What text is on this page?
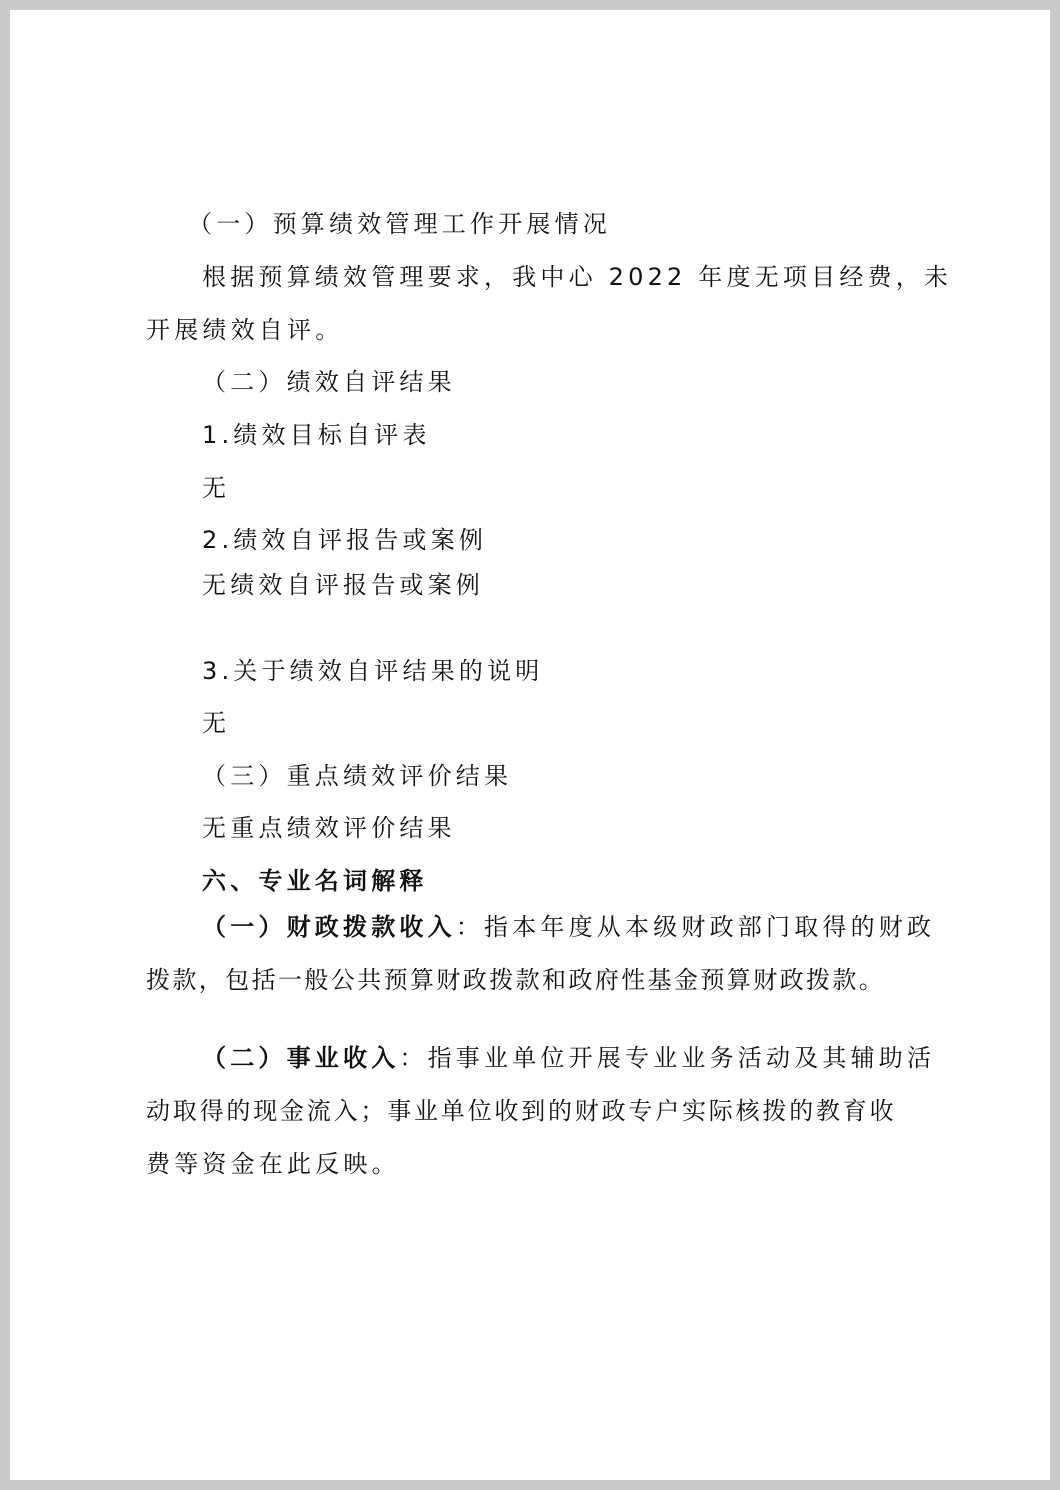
（一）预算绩效管理工作开展情况

根据预算绩效管理要求，我中心 2022 年度无项目经费，未

开展绩效自评。

（二）绩效自评结果

1.绩效目标自评表

无

2.绩效自评报告或案例

无绩效自评报告或案例

3.关于绩效自评结果的说明

无

（三）重点绩效评价结果

无重点绩效评价结果

六、专业名词解释

（一）财政拨款收入：指本年度从本级财政部门取得的财政

拨款，包括一般公共预算财政拨款和政府性基金预算财政拨款。

（二）事业收入：指事业单位开展专业业务活动及其辅助活

动取得的现金流入；事业单位收到的财政专户实际核拨的教育收

费等资金在此反映。
